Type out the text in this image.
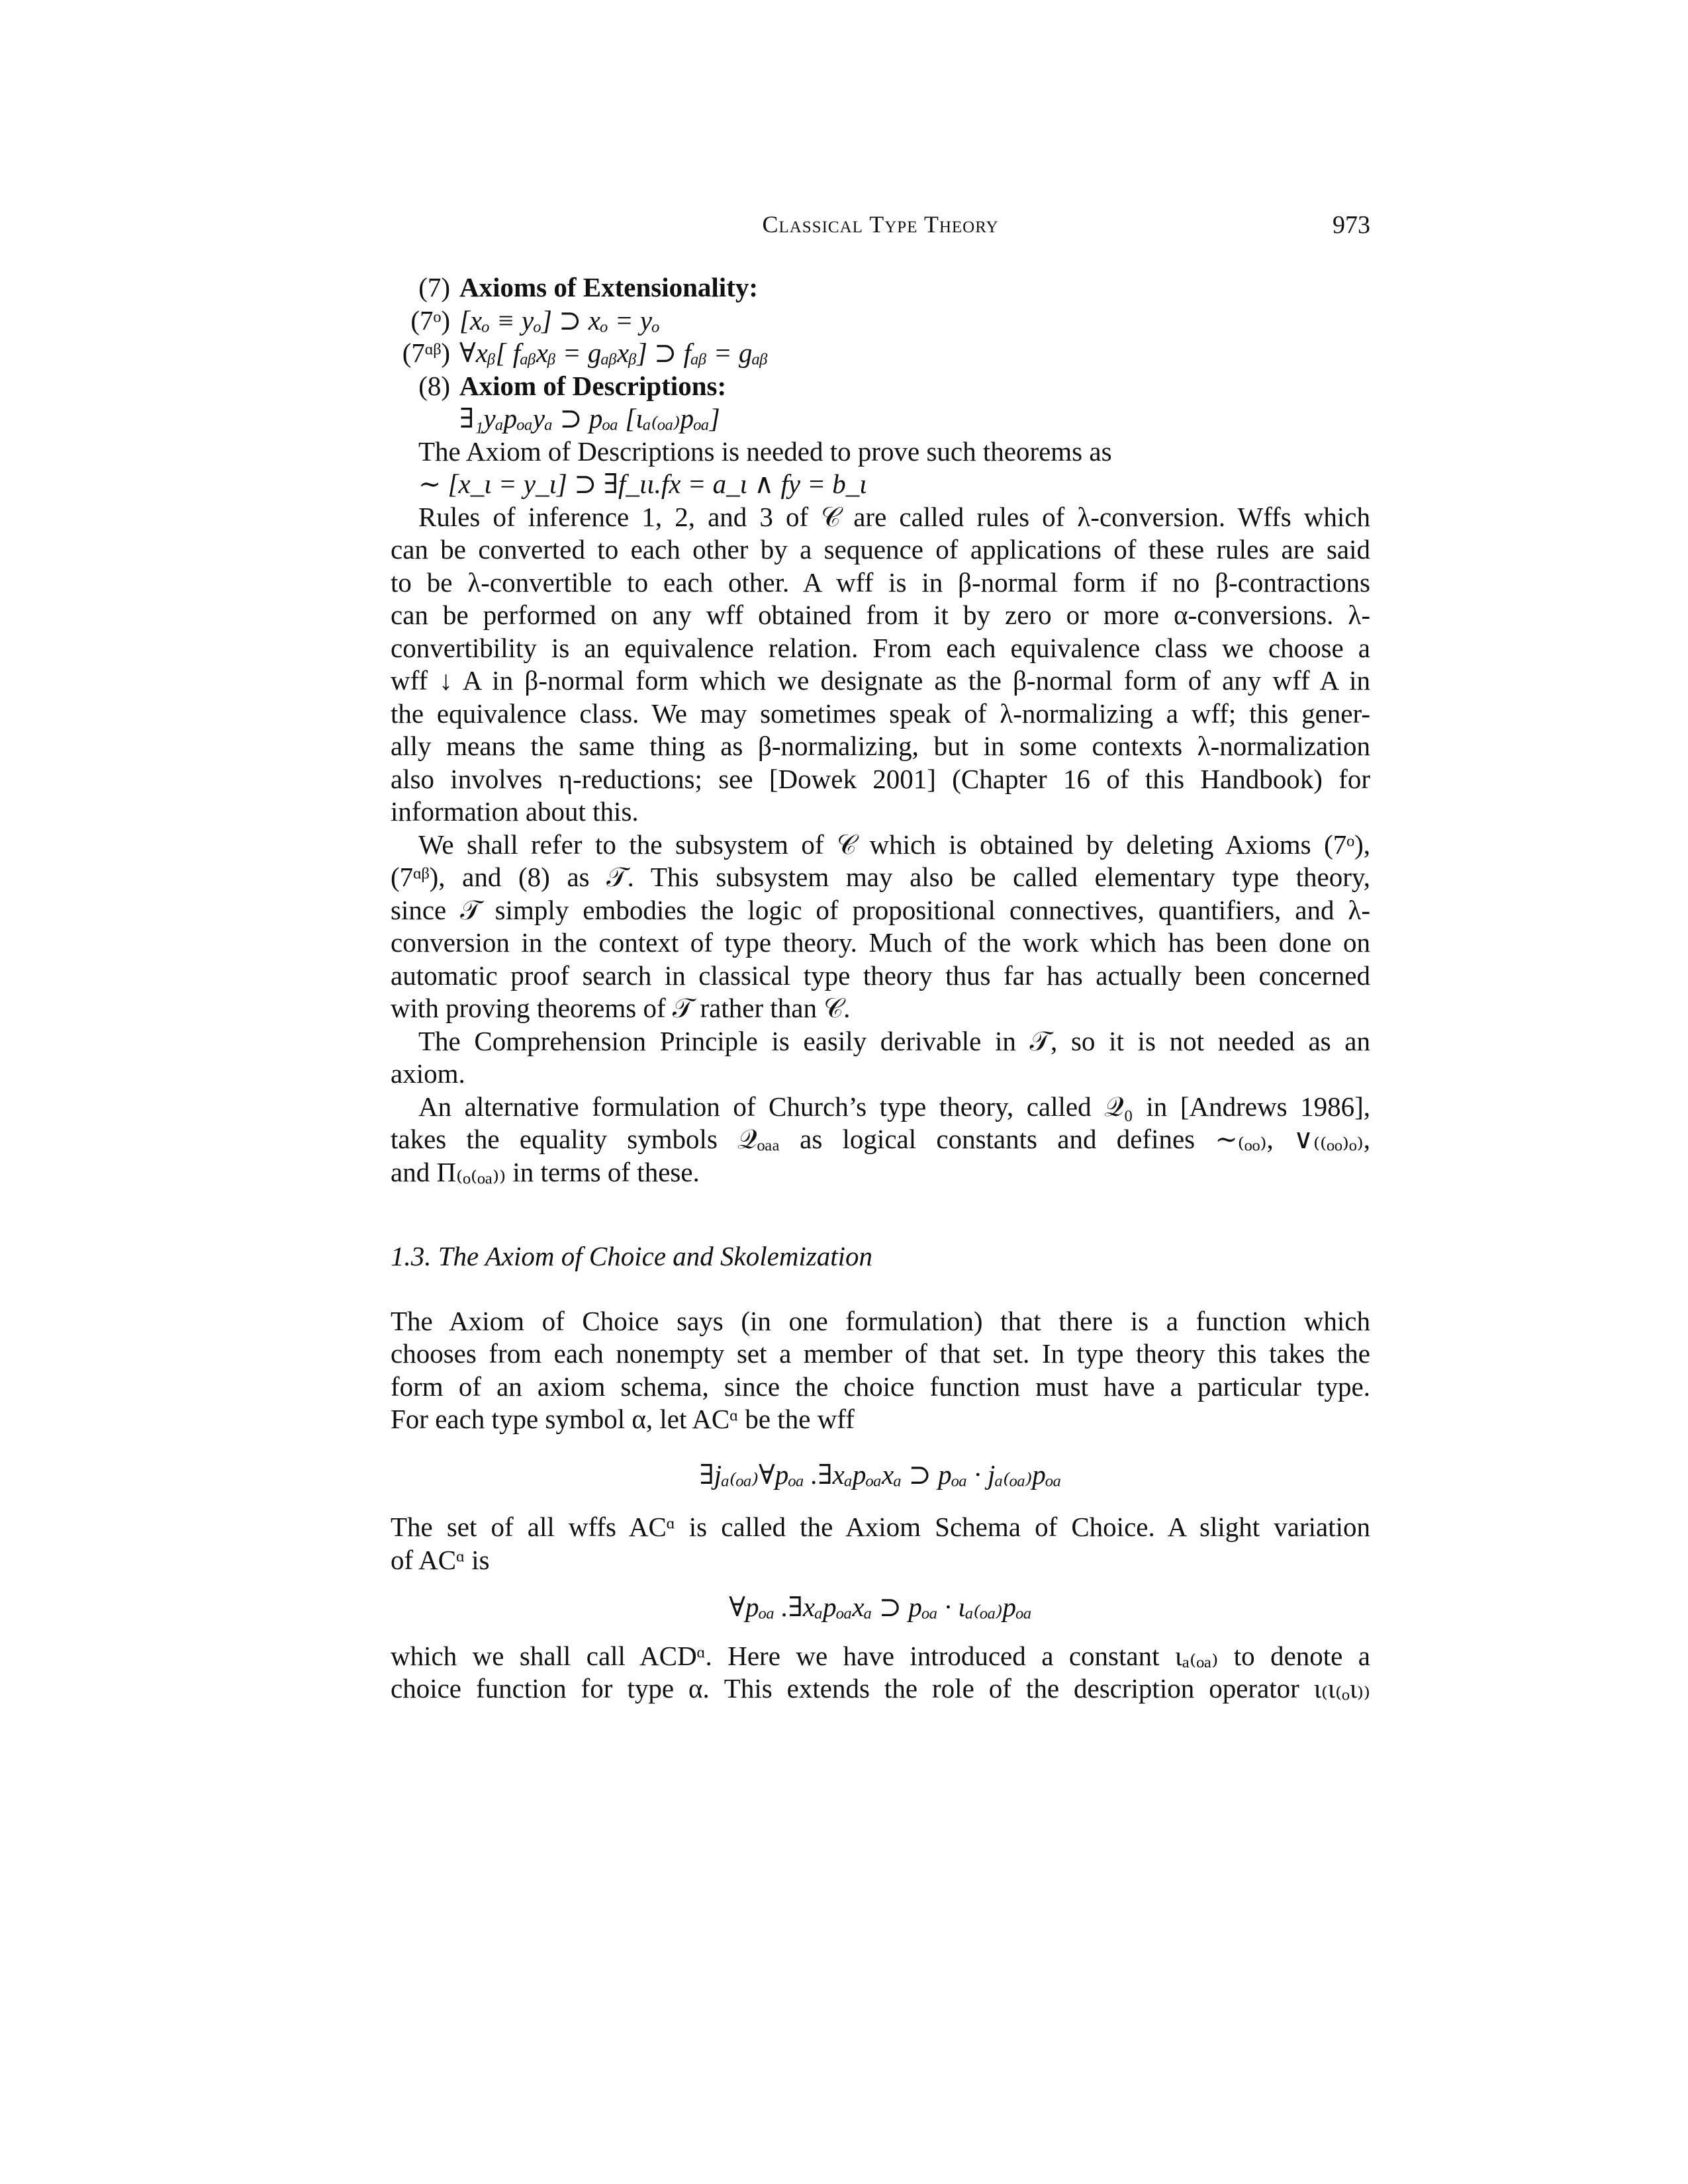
Classical Type Theory	973
(7) Axioms of Extensionality:
(7ᵒ) [xₒ ≡ yₒ] ⊃ xₒ = yₒ
(7ᵅᵝ) ∀xᵦ[ fₐᵦxᵦ = gₐᵦxᵦ] ⊃ fₐᵦ = gₐᵦ
(8) Axiom of Descriptions:
∃₁yₐpₒₐyₐ ⊃ pₒₐ [ιₐ₍ₒₐ₎pₒₐ]
The Axiom of Descriptions is needed to prove such theorems as
∼ [x_ι = y_ι] ⊃ ∃f_ιι.fx = a_ι ∧ fy = b_ι
Rules of inference 1, 2, and 3 of 𝒞 are called rules of λ-conversion. Wffs which
can be converted to each other by a sequence of applications of these rules are said
to be λ-convertible to each other. A wff is in β-normal form if no β-contractions
can be performed on any wff obtained from it by zero or more α-conversions. λ-
convertibility is an equivalence relation. From each equivalence class we choose a
wff ↓ A in β-normal form which we designate as the β-normal form of any wff A in
the equivalence class. We may sometimes speak of λ-normalizing a wff; this gener-
ally means the same thing as β-normalizing, but in some contexts λ-normalization
also involves η-reductions; see [Dowek 2001] (Chapter 16 of this Handbook) for
information about this.
We shall refer to the subsystem of 𝒞 which is obtained by deleting Axioms (7ᵒ),
(7ᵅᵝ), and (8) as 𝒯. This subsystem may also be called elementary type theory,
since 𝒯 simply embodies the logic of propositional connectives, quantifiers, and λ-
conversion in the context of type theory. Much of the work which has been done on
automatic proof search in classical type theory thus far has actually been concerned
with proving theorems of 𝒯 rather than 𝒞.
The Comprehension Principle is easily derivable in 𝒯, so it is not needed as an
axiom.
An alternative formulation of Church’s type theory, called 𝒬₀ in [Andrews 1986],
takes the equality symbols 𝒬ₒₐₐ as logical constants and defines ∼₍ₒₒ₎, ∨₍₍ₒₒ₎ₒ₎,
and Π₍ₒ₍ₒₐ₎₎ in terms of these.
1.3. The Axiom of Choice and Skolemization
The Axiom of Choice says (in one formulation) that there is a function which
chooses from each nonempty set a member of that set. In type theory this takes the
form of an axiom schema, since the choice function must have a particular type.
For each type symbol α, let ACᵅ be the wff
∃jₐ₍ₒₐ₎∀pₒₐ .∃xₐpₒₐxₐ ⊃ pₒₐ · jₐ₍ₒₐ₎pₒₐ
The set of all wffs ACᵅ is called the Axiom Schema of Choice. A slight variation
of ACᵅ is
∀pₒₐ .∃xₐpₒₐxₐ ⊃ pₒₐ · ιₐ₍ₒₐ₎pₒₐ
which we shall call ACDᵅ. Here we have introduced a constant ιₐ₍ₒₐ₎ to denote a
choice function for type α. This extends the role of the description operator ι₍ι₍ₒι₎₎
